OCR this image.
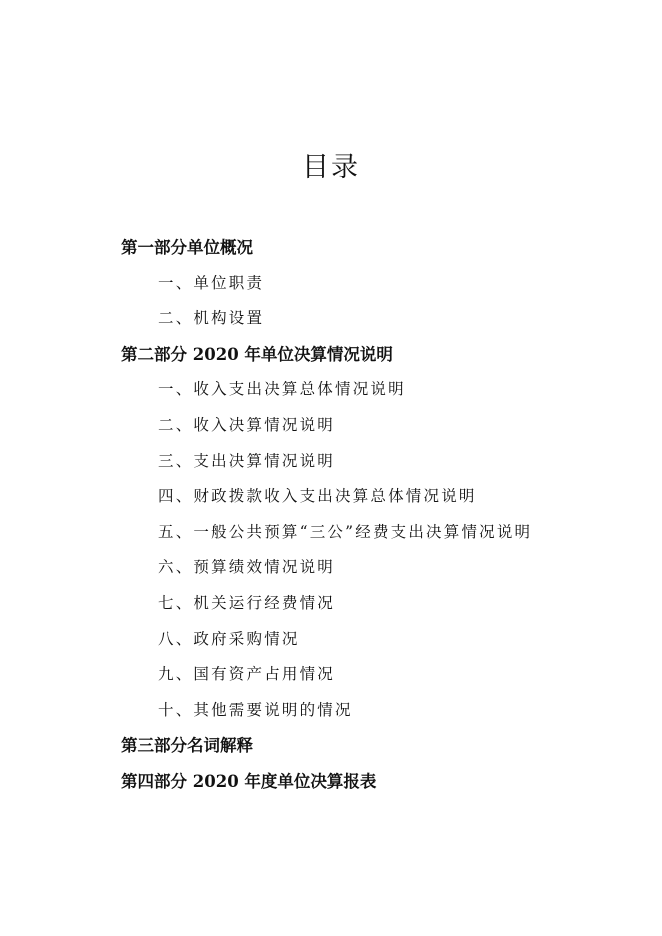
目录
第一部分单位概况
一、单位职责
二、机构设置
第二部分 2020 年单位决算情况说明
一、收入支出决算总体情况说明
二、收入决算情况说明
三、支出决算情况说明
四、财政拨款收入支出决算总体情况说明
五、一般公共预算“三公”经费支出决算情况说明
六、预算绩效情况说明
七、机关运行经费情况
八、政府采购情况
九、国有资产占用情况
十、其他需要说明的情况
第三部分名词解释
第四部分 2020 年度单位决算报表
